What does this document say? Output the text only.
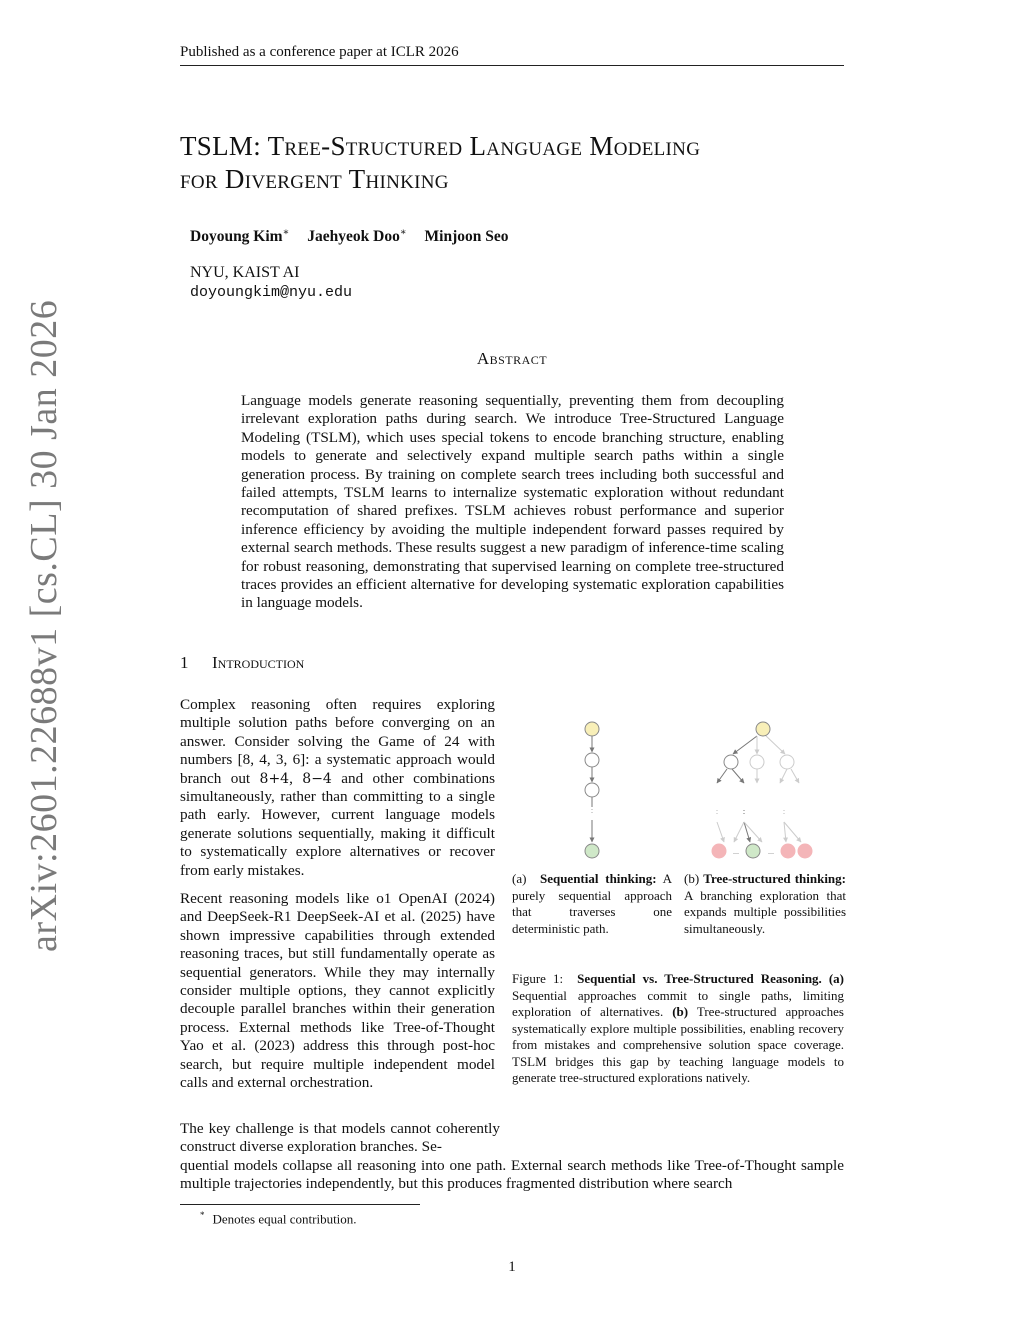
arXiv:2601.22688v1 [cs.CL] 30 Jan 2026
Published as a conference paper at ICLR 2026
TSLM: Tree-Structured Language Modeling
for Divergent Thinking
Doyoung Kim∗ Jaehyeok Doo∗ Minjoon Seo
NYU, KAIST AI
doyoungkim@nyu.edu
Abstract
Language models generate reasoning sequentially, preventing them from decoupling irrelevant exploration paths during search. We introduce Tree-Structured Language Modeling (TSLM), which uses special tokens to encode branching structure, enabling models to generate and selectively expand multiple search paths within a single generation process. By training on complete search trees including both successful and failed attempts, TSLM learns to internalize systematic exploration without redundant recomputation of shared prefixes. TSLM achieves robust performance and superior inference efficiency by avoiding the multiple independent forward passes required by external search methods. These results suggest a new paradigm of inference-time scaling for robust reasoning, demonstrating that supervised learning on complete tree-structured traces provides an efficient alternative for developing systematic exploration capabilities in language models.
1 Introduction
Complex reasoning often requires exploring multiple solution paths before converging on an answer. Consider solving the Game of 24 with numbers [8, 4, 3, 6]: a systematic approach would branch out 8+4, 8−4 and other combinations simultaneously, rather than committing to a single path early. However, current language models generate solutions sequentially, making it difficult to systematically explore alternatives or recover from early mistakes.
Recent reasoning models like o1 OpenAI (2024) and DeepSeek-R1 DeepSeek-AI et al. (2025) have shown impressive capabilities through extended reasoning traces, but still fundamentally operate as sequential generators. While they may internally consider multiple options, they cannot explicitly decouple parallel branches within their generation process. External methods like Tree-of-Thought Yao et al. (2023) address this through post-hoc search, but require multiple independent model calls and external orchestration.
The key challenge is that models cannot coherently construct diverse exploration branches. Se-
quential models collapse all reasoning into one path. External search methods like Tree-of-Thought sample multiple trajectories independently, but this produces fragmented distribution where search
...	...
(a) Sequential thinking: A purely sequential approach that traverses one deterministic path.
(b) Tree-structured thinking: A branching exploration that expands multiple possibilities simultaneously.
Figure 1: Sequential vs. Tree-Structured Reasoning. (a) Sequential approaches commit to single paths, limiting exploration of alternatives. (b) Tree-structured approaches systematically explore multiple possibilities, enabling recovery from mistakes and comprehensive solution space coverage. TSLM bridges this gap by teaching language models to generate tree-structured explorations natively.
* Denotes equal contribution.
1
